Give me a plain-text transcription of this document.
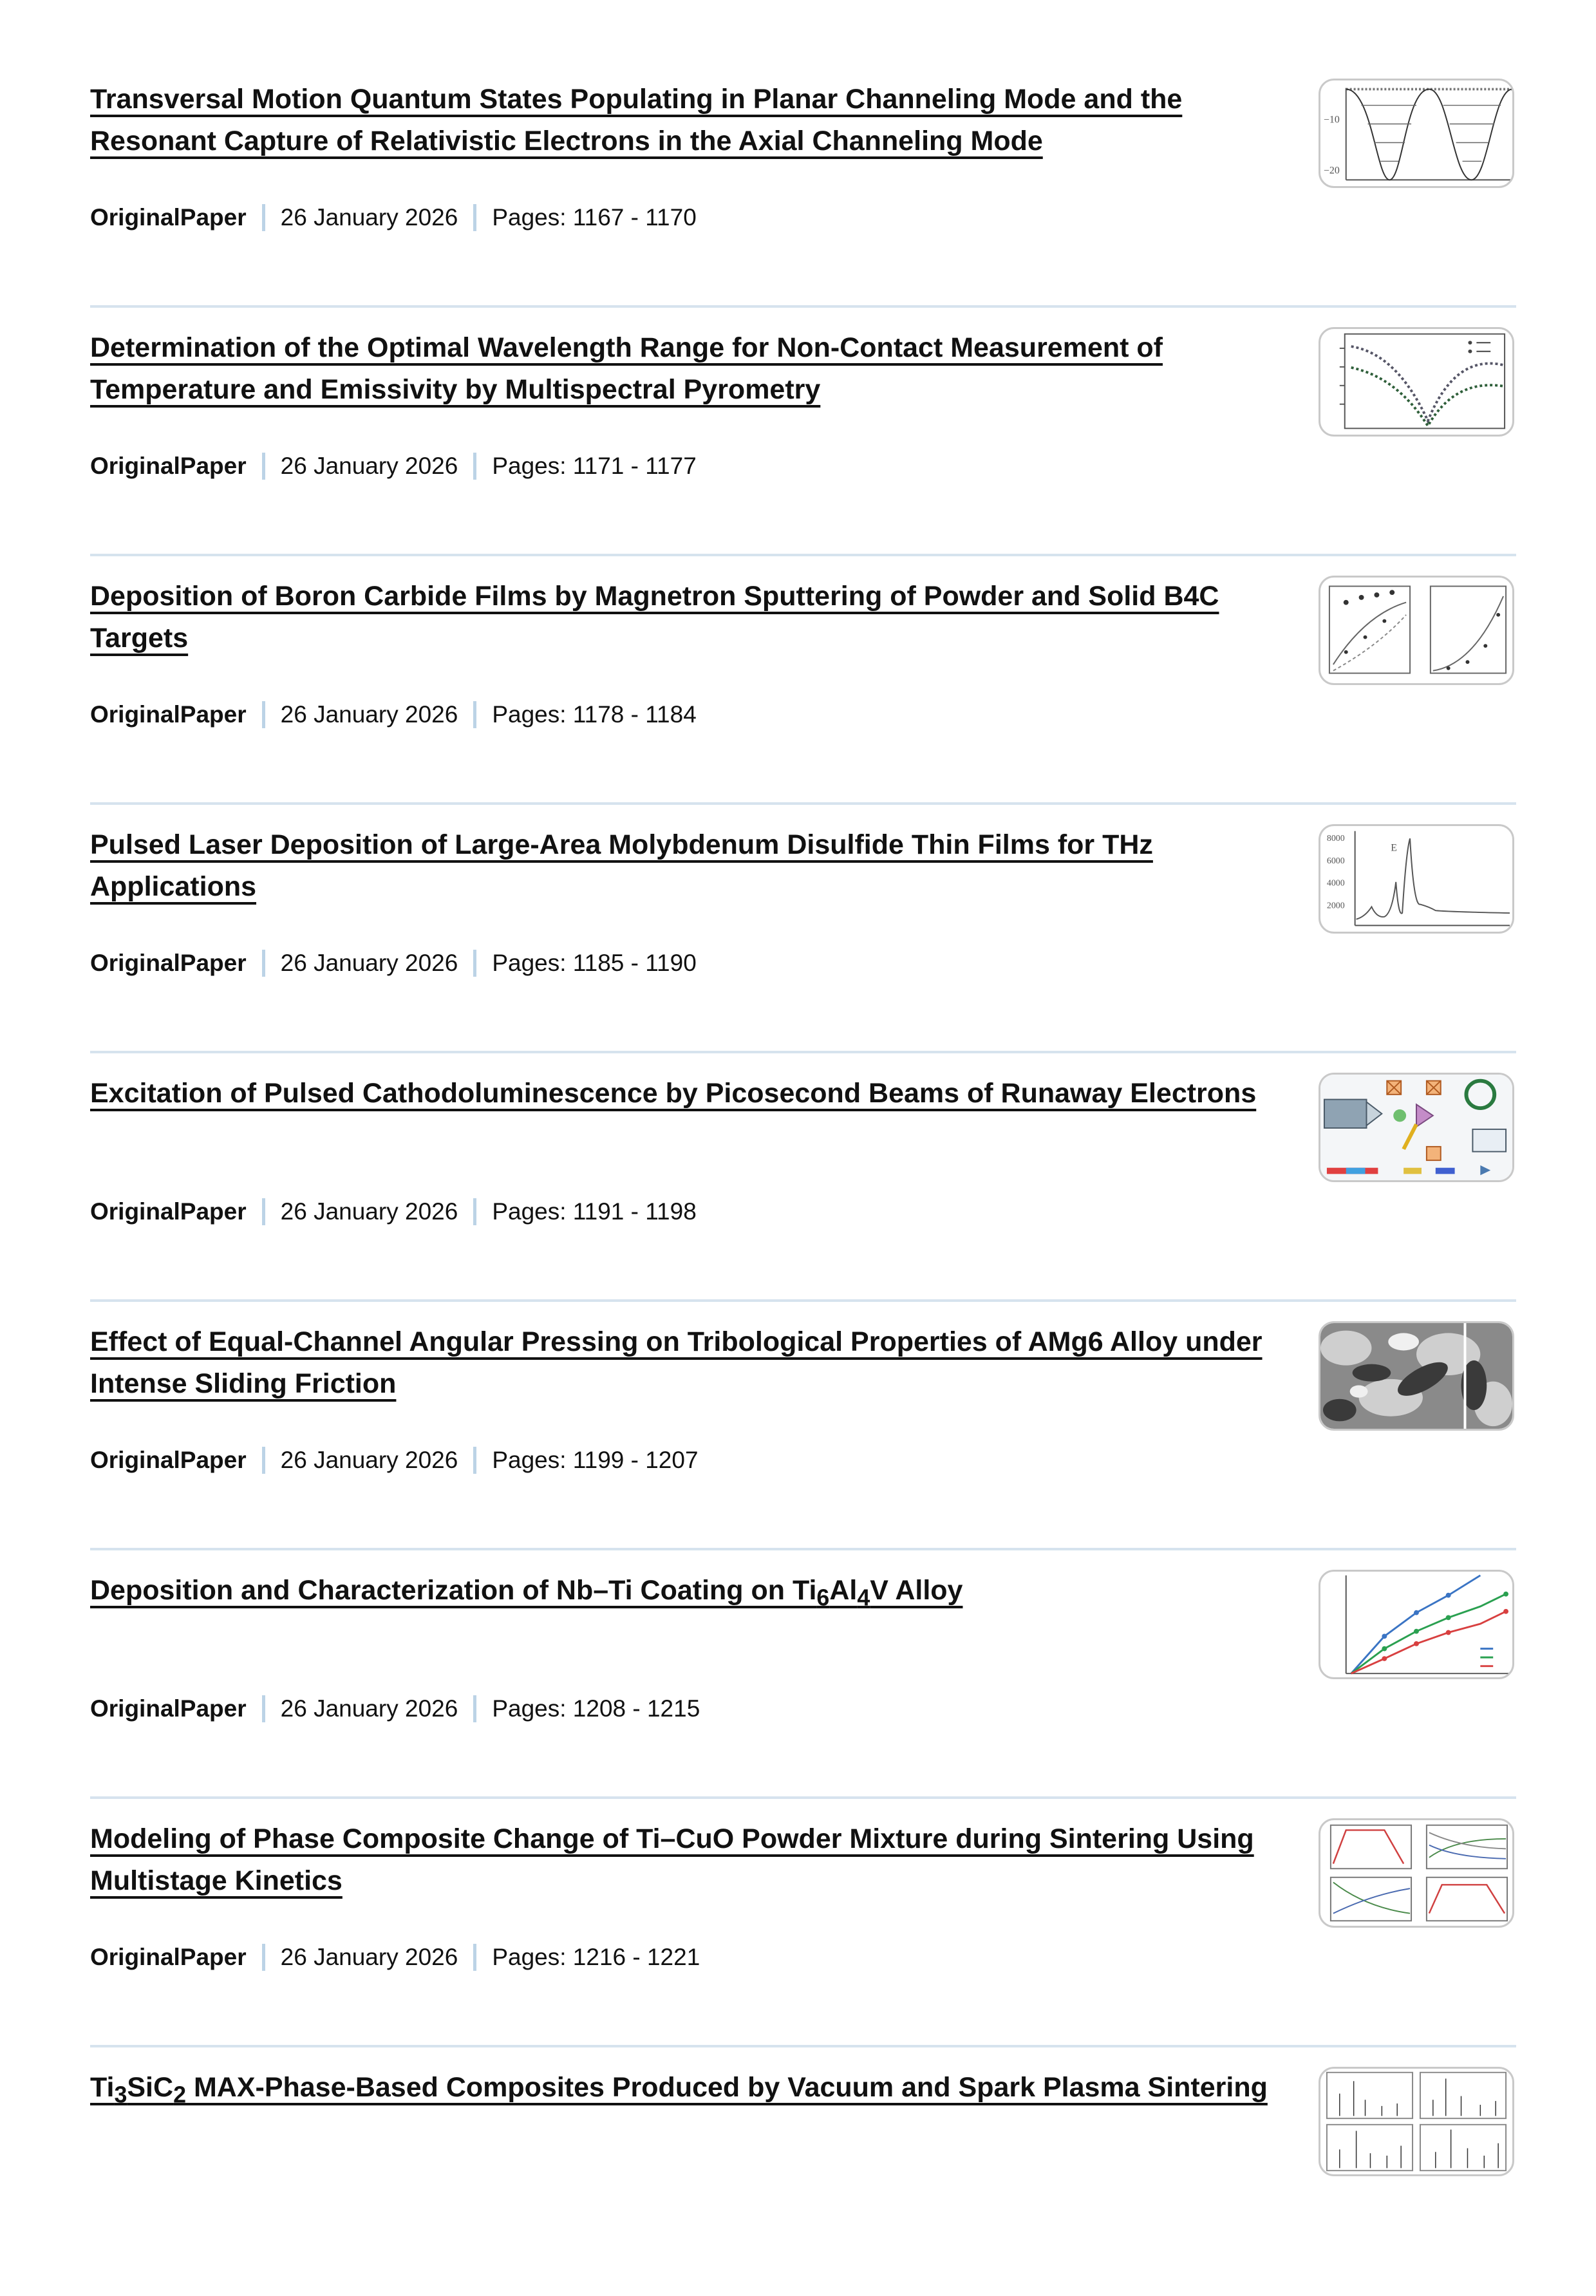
Transversal Motion Quantum States Populating in Planar Channeling Mode and the Resonant Capture of Relativistic Electrons in the Axial Channeling Mode
OriginalPaper 26 January 2026 Pages: 1167 - 1170
−10
−20
Determination of the Optimal Wavelength Range for Non-Contact Measurement of Temperature and Emissivity by Multispectral Pyrometry
OriginalPaper 26 January 2026 Pages: 1171 - 1177
Deposition of Boron Carbide Films by Magnetron Sputtering of Powder and Solid B4C Targets
OriginalPaper 26 January 2026 Pages: 1178 - 1184
Pulsed Laser Deposition of Large-Area Molybdenum Disulfide Thin Films for THz Applications
OriginalPaper 26 January 2026 Pages: 1185 - 1190
8000
6000
4000
2000
E
Excitation of Pulsed Cathodoluminescence by Picosecond Beams of Runaway Electrons
OriginalPaper 26 January 2026 Pages: 1191 - 1198
Effect of Equal-Channel Angular Pressing on Tribological Properties of AMg6 Alloy under Intense Sliding Friction
OriginalPaper 26 January 2026 Pages: 1199 - 1207
Deposition and Characterization of Nb–Ti Coating on $Ti_6Al_4V$ Alloy
OriginalPaper 26 January 2026 Pages: 1208 - 1215
Modeling of Phase Composite Change of Ti–CuO Powder Mixture during Sintering Using Multistage Kinetics
OriginalPaper 26 January 2026 Pages: 1216 - 1221
$Ti_3SiC_2$ MAX-Phase-Based Composites Produced by Vacuum and Spark Plasma Sintering
